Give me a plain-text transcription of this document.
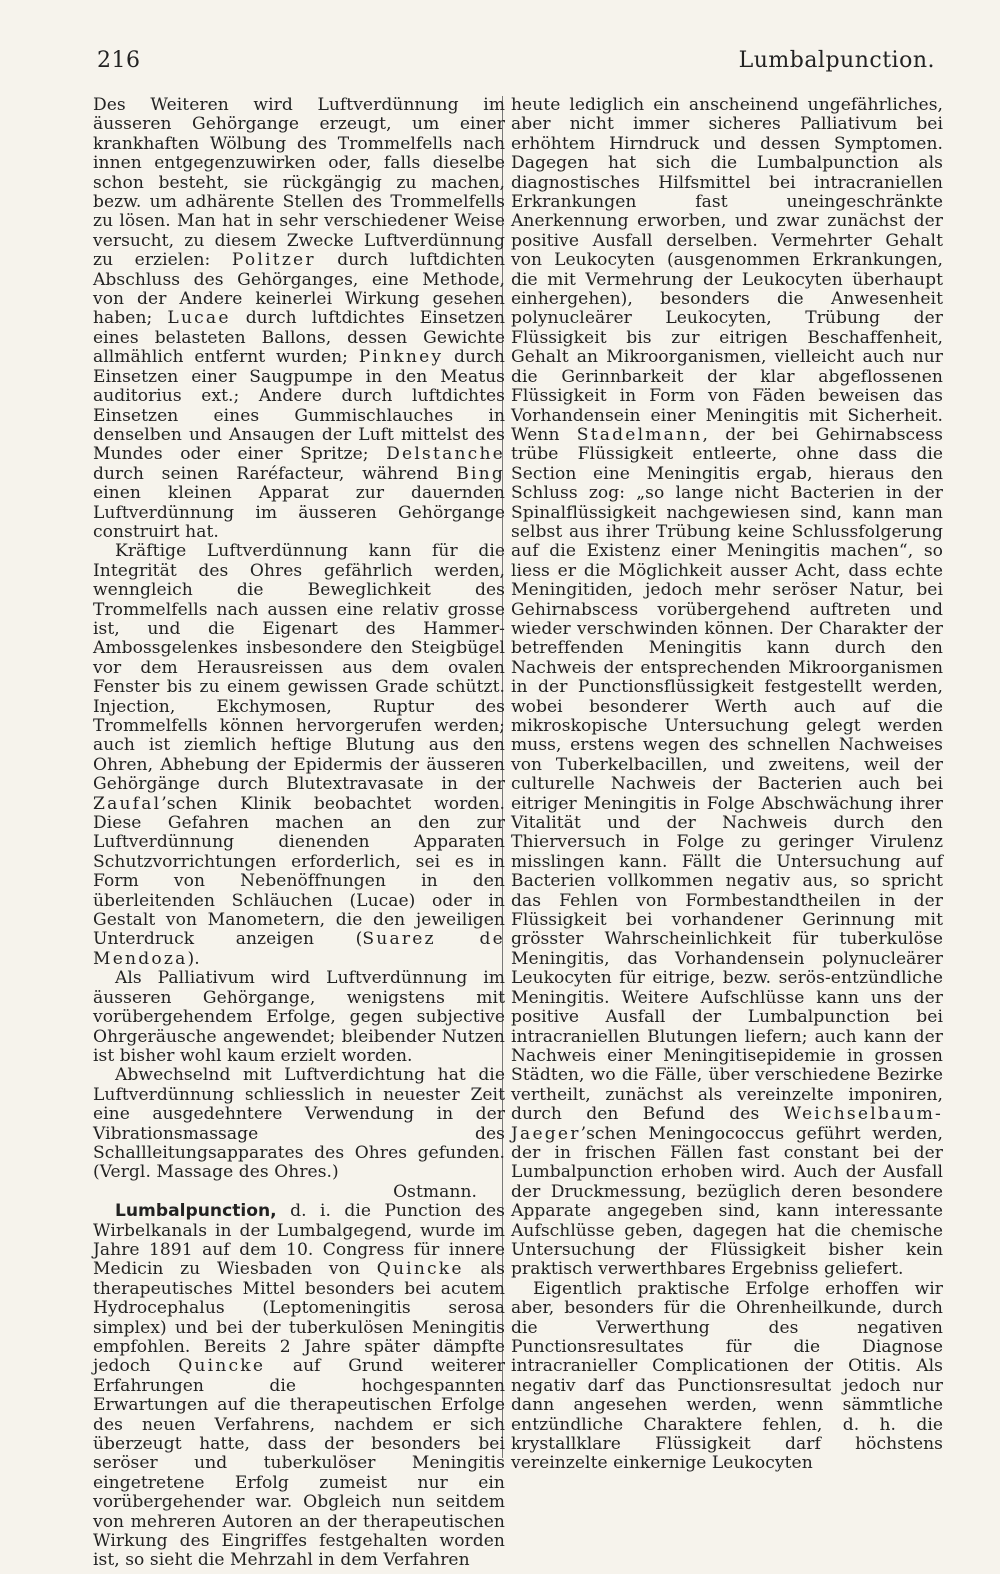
216	Lumbalpunction.

Des Weiteren wird Luftverdünnung im äusseren Gehörgange erzeugt, um einer krankhaften Wölbung des Trommelfells nach innen entgegenzuwirken oder, falls dieselbe schon besteht, sie rückgängig zu machen, bezw. um adhärente Stellen des Trommelfells zu lösen. Man hat in sehr verschiedener Weise versucht, zu diesem Zwecke Luftverdünnung zu erzielen: Politzer durch luftdichten Abschluss des Gehörganges, eine Methode, von der Andere keinerlei Wirkung gesehen haben; Lucae durch luftdichtes Einsetzen eines belasteten Ballons, dessen Gewichte allmählich entfernt wurden; Pinkney durch Einsetzen einer Saugpumpe in den Meatus auditorius ext.; Andere durch luftdichtes Einsetzen eines Gummischlauches in denselben und Ansaugen der Luft mittelst des Mundes oder einer Spritze; Delstanche durch seinen Raréfacteur, während Bing einen kleinen Apparat zur dauernden Luftverdünnung im äusseren Gehörgange construirt hat.

Kräftige Luftverdünnung kann für die Integrität des Ohres gefährlich werden, wenngleich die Beweglichkeit des Trommelfells nach aussen eine relativ grosse ist, und die Eigenart des Hammer-Ambossgelenkes insbesondere den Steigbügel vor dem Herausreissen aus dem ovalen Fenster bis zu einem gewissen Grade schützt. Injection, Ekchymosen, Ruptur des Trommelfells können hervorgerufen werden; auch ist ziemlich heftige Blutung aus den Ohren, Abhebung der Epidermis der äusseren Gehörgänge durch Blutextravasate in der Zaufal’schen Klinik beobachtet worden. Diese Gefahren machen an den zur Luftverdünnung dienenden Apparaten Schutzvorrichtungen erforderlich, sei es in Form von Nebenöffnungen in den überleitenden Schläuchen (Lucae) oder in Gestalt von Manometern, die den jeweiligen Unterdruck anzeigen (Suarez de Mendoza).

Als Palliativum wird Luftverdünnung im äusseren Gehörgange, wenigstens mit vorübergehendem Erfolge, gegen subjective Ohrgeräusche angewendet; bleibender Nutzen ist bisher wohl kaum erzielt worden.

Abwechselnd mit Luftverdichtung hat die Luftverdünnung schliesslich in neuester Zeit eine ausgedehntere Verwendung in der Vibrationsmassage des Schallleitungsapparates des Ohres gefunden. (Vergl. Massage des Ohres.)

Ostmann.

Lumbalpunction, d. i. die Punction des Wirbelkanals in der Lumbalgegend, wurde im Jahre 1891 auf dem 10. Congress für innere Medicin zu Wiesbaden von Quincke als therapeutisches Mittel besonders bei acutem Hydrocephalus (Leptomeningitis serosa simplex) und bei der tuberkulösen Meningitis empfohlen. Bereits 2 Jahre später dämpfte jedoch Quincke auf Grund weiterer Erfahrungen die hochgespannten Erwartungen auf die therapeutischen Erfolge des neuen Verfahrens, nachdem er sich überzeugt hatte, dass der besonders bei seröser und tuberkulöser Meningitis eingetretene Erfolg zumeist nur ein vorübergehender war. Obgleich nun seitdem von mehreren Autoren an der therapeutischen Wirkung des Eingriffes festgehalten worden ist, so sieht die Mehrzahl in dem Verfahren

heute lediglich ein anscheinend ungefährliches, aber nicht immer sicheres Palliativum bei erhöhtem Hirndruck und dessen Symptomen. Dagegen hat sich die Lumbalpunction als diagnostisches Hilfsmittel bei intracraniellen Erkrankungen fast uneingeschränkte Anerkennung erworben, und zwar zunächst der positive Ausfall derselben. Vermehrter Gehalt von Leukocyten (ausgenommen Erkrankungen, die mit Vermehrung der Leukocyten überhaupt einhergehen), besonders die Anwesenheit polynucleärer Leukocyten, Trübung der Flüssigkeit bis zur eitrigen Beschaffenheit, Gehalt an Mikroorganismen, vielleicht auch nur die Gerinnbarkeit der klar abgeflossenen Flüssigkeit in Form von Fäden beweisen das Vorhandensein einer Meningitis mit Sicherheit. Wenn Stadelmann, der bei Gehirnabscess trübe Flüssigkeit entleerte, ohne dass die Section eine Meningitis ergab, hieraus den Schluss zog: „so lange nicht Bacterien in der Spinalflüssigkeit nachgewiesen sind, kann man selbst aus ihrer Trübung keine Schlussfolgerung auf die Existenz einer Meningitis machen“, so liess er die Möglichkeit ausser Acht, dass echte Meningitiden, jedoch mehr seröser Natur, bei Gehirnabscess vorübergehend auftreten und wieder verschwinden können. Der Charakter der betreffenden Meningitis kann durch den Nachweis der entsprechenden Mikroorganismen in der Punctionsflüssigkeit festgestellt werden, wobei besonderer Werth auch auf die mikroskopische Untersuchung gelegt werden muss, erstens wegen des schnellen Nachweises von Tuberkelbacillen, und zweitens, weil der culturelle Nachweis der Bacterien auch bei eitriger Meningitis in Folge Abschwächung ihrer Vitalität und der Nachweis durch den Thierversuch in Folge zu geringer Virulenz misslingen kann. Fällt die Untersuchung auf Bacterien vollkommen negativ aus, so spricht das Fehlen von Formbestandtheilen in der Flüssigkeit bei vorhandener Gerinnung mit grösster Wahrscheinlichkeit für tuberkulöse Meningitis, das Vorhandensein polynucleärer Leukocyten für eitrige, bezw. serös-entzündliche Meningitis. Weitere Aufschlüsse kann uns der positive Ausfall der Lumbalpunction bei intracraniellen Blutungen liefern; auch kann der Nachweis einer Meningitisepidemie in grossen Städten, wo die Fälle, über verschiedene Bezirke vertheilt, zunächst als vereinzelte imponiren, durch den Befund des Weichselbaum-Jaeger’schen Meningococcus geführt werden, der in frischen Fällen fast constant bei der Lumbalpunction erhoben wird. Auch der Ausfall der Druckmessung, bezüglich deren besondere Apparate angegeben sind, kann interessante Aufschlüsse geben, dagegen hat die chemische Untersuchung der Flüssigkeit bisher kein praktisch verwerthbares Ergebniss geliefert.

Eigentlich praktische Erfolge erhoffen wir aber, besonders für die Ohrenheilkunde, durch die Verwerthung des negativen Punctionsresultates für die Diagnose intracranieller Complicationen der Otitis. Als negativ darf das Punctionsresultat jedoch nur dann angesehen werden, wenn sämmtliche entzündliche Charaktere fehlen, d. h. die krystallklare Flüssigkeit darf höchstens vereinzelte einkernige Leukocyten
